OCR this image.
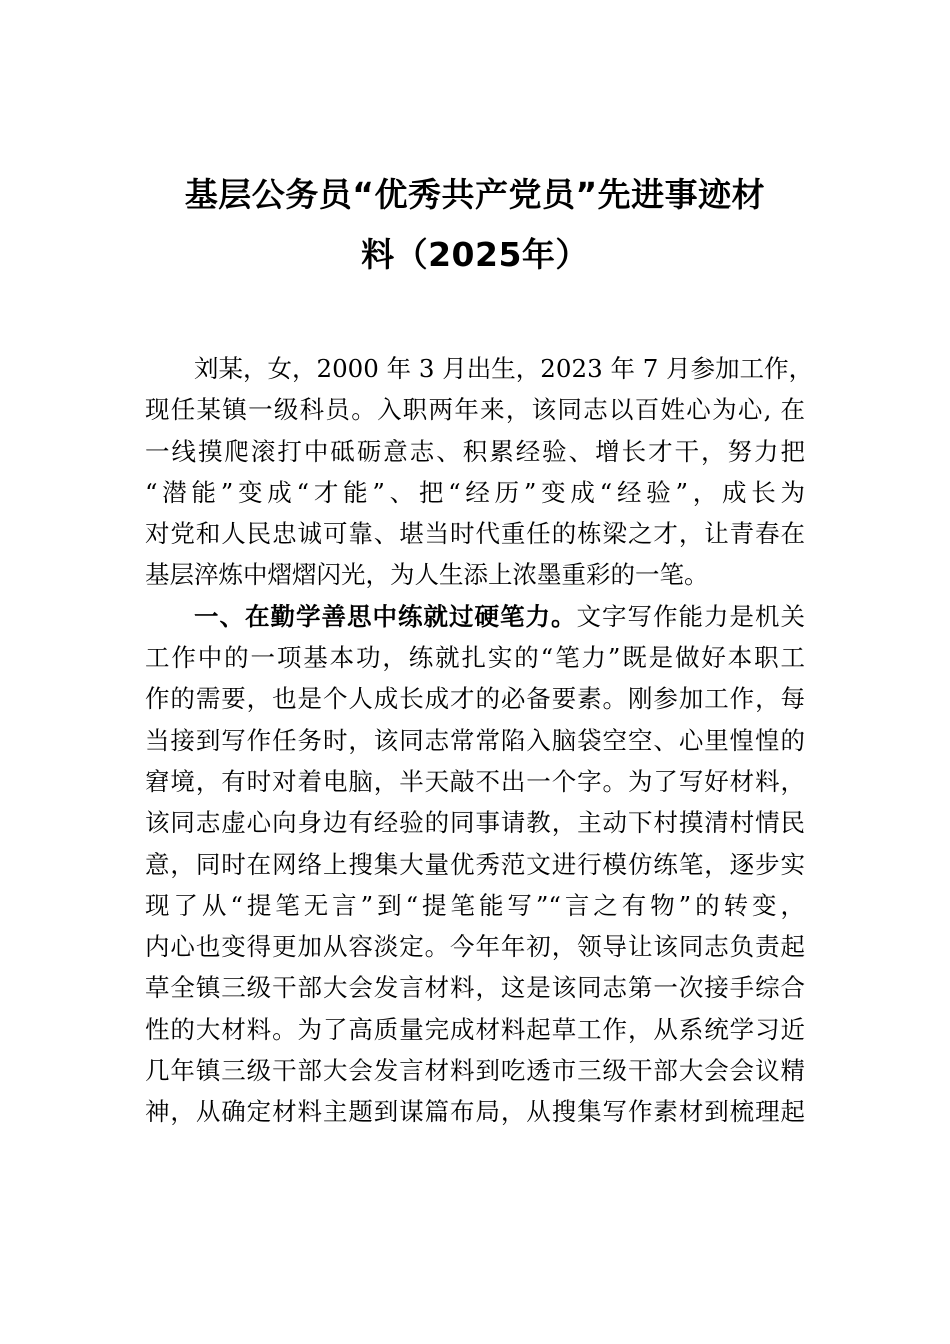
基层公务员“优秀共产党员”先进事迹材
料（2025年）
刘某，女，2000 年 3 月出生，2023 年 7 月参加工作，
现任某镇一级科员。入职两年来，该同志以百姓心为心, 在
一线摸爬滚打中砥砺意志、积累经验、增长才干，努力把
“潜能”变成“才能”、把“经历”变成“经验”，成长为
对党和人民忠诚可靠、堪当时代重任的栋梁之才，让青春在
基层淬炼中熠熠闪光，为人生添上浓墨重彩的一笔。
一、在勤学善思中练就过硬笔力。文字写作能力是机关
工作中的一项基本功，练就扎实的“笔力”既是做好本职工
作的需要，也是个人成长成才的必备要素。刚参加工作，每
当接到写作任务时，该同志常常陷入脑袋空空、心里惶惶的
窘境，有时对着电脑，半天敲不出一个字。为了写好材料，
该同志虚心向身边有经验的同事请教，主动下村摸清村情民
意，同时在网络上搜集大量优秀范文进行模仿练笔，逐步实
现了从“提笔无言”到“提笔能写”“言之有物”的转变，
内心也变得更加从容淡定。今年年初，领导让该同志负责起
草全镇三级干部大会发言材料，这是该同志第一次接手综合
性的大材料。为了高质量完成材料起草工作，从系统学习近
几年镇三级干部大会发言材料到吃透市三级干部大会会议精
神，从确定材料主题到谋篇布局，从搜集写作素材到梳理起
